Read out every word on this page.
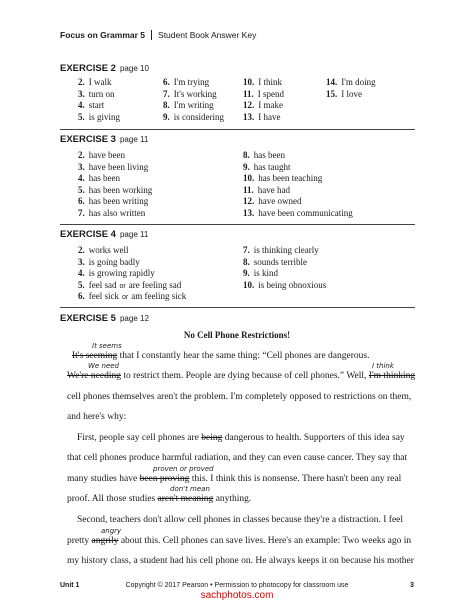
Focus on Grammar 5 Student Book Answer Key
EXERCISE 2 page 10
2. I walk
3. turn on
4. start
5. is giving
6. I'm trying
7. It's working
8. I'm writing
9. is considering
10. I think
11. I spend
12. I make
13. I have
14. I'm doing
15. I love
EXERCISE 3 page 11
2. have been
3. have been living
4. has been
5. has been working
6. has been writing
7. has also written
8. has been
9. has taught
10. has been teaching
11. have had
12. have owned
13. have been communicating
EXERCISE 4 page 11
2. works well
3. is going badly
4. is growing rapidly
5. feel sad or are feeling sad
6. feel sick or am feeling sick
7. is thinking clearly
8. sounds terrible
9. is kind
10. is being obnoxious
EXERCISE 5 page 12
No Cell Phone Restrictions!
It seems
It's seeming that I constantly hear the same thing: “Cell phones are dangerous.
We need	I think
We're needing to restrict them. People are dying because of cell phones.” Well, I'm thinking
cell phones themselves aren't the problem. I'm completely opposed to restrictions on them,
and here's why:
First, people say cell phones are being dangerous to health. Supporters of this idea say
that cell phones produce harmful radiation, and they can even cause cancer. They say that
proven or proved
many studies have been proving this. I think this is nonsense. There hasn't been any real
don't mean
proof. All those studies aren't meaning anything.
Second, teachers don't allow cell phones in classes because they're a distraction. I feel
angry
pretty angrily about this. Cell phones can save lives. Here's an example: Two weeks ago in
my history class, a student had his cell phone on. He always keeps it on because his mother
Unit 1	Copyright © 2017 Pearson • Permission to photocopy for classroom use	3
sachphotos.com
